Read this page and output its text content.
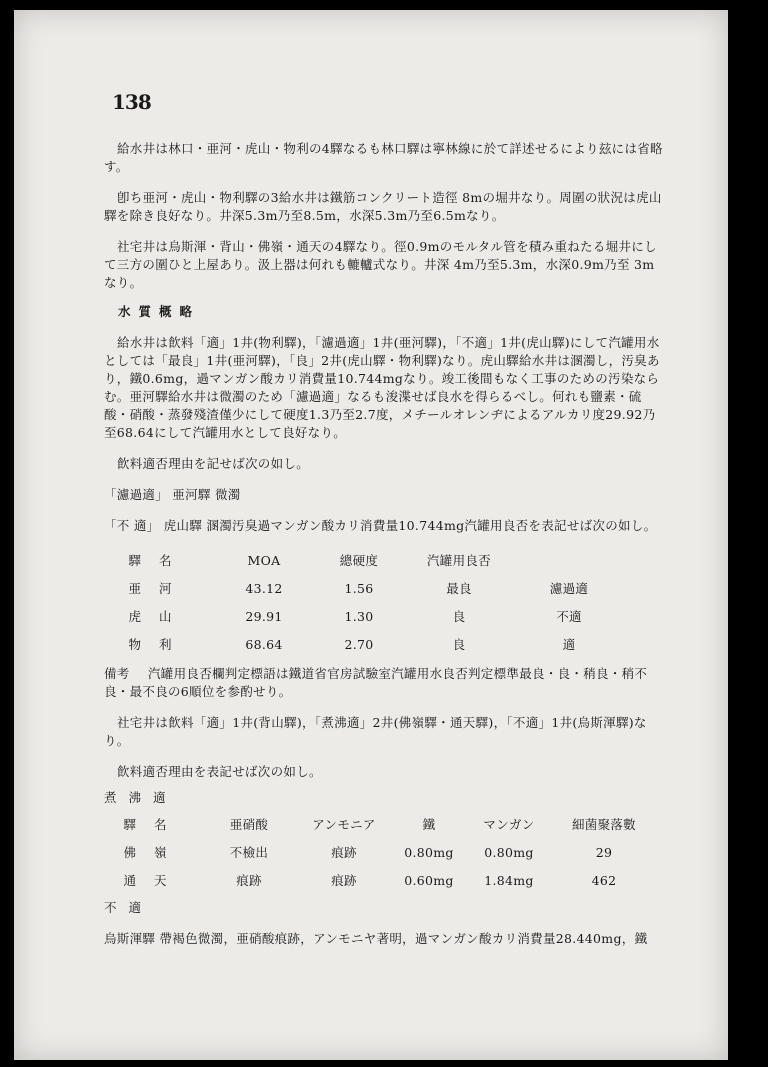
138

給水井は林口・亜河・虎山・物利の4驛なるも林口驛は寧林線に於て詳述せるにより玆には省略す。

卽ち亜河・虎山・物利驛の3給水井は鐵筋コンクリート造徑 8mの堀井なり。周圍の狀況は虎山驛を除き良好なり。井深5.3m乃至8.5m，水深5.3m乃至6.5mなり。

社宅井は烏斯渾・背山・佛嶺・通天の4驛なり。徑0.9mのモルタル管を積み重ねたる堀井にして三方の圍ひと上屋あり。汲上器は何れも轆轤式なり。井深 4m乃至5.3m，水深0.9m乃至 3mなり。

水質概略

給水井は飮料「適」1井(物利驛)，「濾過適」1井(亜河驛)，「不適」1井(虎山驛)にして汽罐用水としては「最良」1井(亜河驛)，「良」2井(虎山驛・物利驛)なり。虎山驛給水井は溷濁し，汚臭あり，鐵0.6mg，過マンガン酸カリ消費量10.744mgなり。竣工後間もなく工事のための汚染ならむ。亜河驛給水井は微濁のため「濾過適」なるも浚渫せば良水を得らるべし。何れも鹽素・硫酸・硝酸・蒸發殘渣僅少にして硬度1.3乃至2.7度，メチールオレンヂによるアルカリ度29.92乃至68.64にして汽罐用水として良好なり。

飮料適否理由を記せば次の如し。

「濾過適」 亜河驛 微濁

「不 適」 虎山驛 溷濁汚臭過マンガン酸カリ消費量10.744mg汽罐用良否を表記せば次の如し。

驛名	MOA	總硬度	汽罐用良否	
亜河	43.12	1.56	最良	濾過適
虎山	29.91	1.30	良	不適
物利	68.64	2.70	良	適
備考 汽罐用良否欄判定標語は鐵道省官房試驗室汽罐用水良否判定標準最良・良・稍良・稍不良・最不良の6順位を参酌せり。

社宅井は飮料「適」1井(背山驛)，「煮沸適」2井(佛嶺驛・通天驛)，「不適」1井(烏斯渾驛)なり。

飮料適否理由を表記せば次の如し。

煮沸適
驛名	亜硝酸	アンモニア	鐵	マンガン	細菌聚落數
佛嶺	不檢出	痕跡	0.80mg	0.80mg	29
通天	痕跡	痕跡	0.60mg	1.84mg	462
不適

烏斯渾驛 帶褐色微濁，亜硝酸痕跡，アンモニヤ著明，過マンガン酸カリ消費量28.440mg，鐵
